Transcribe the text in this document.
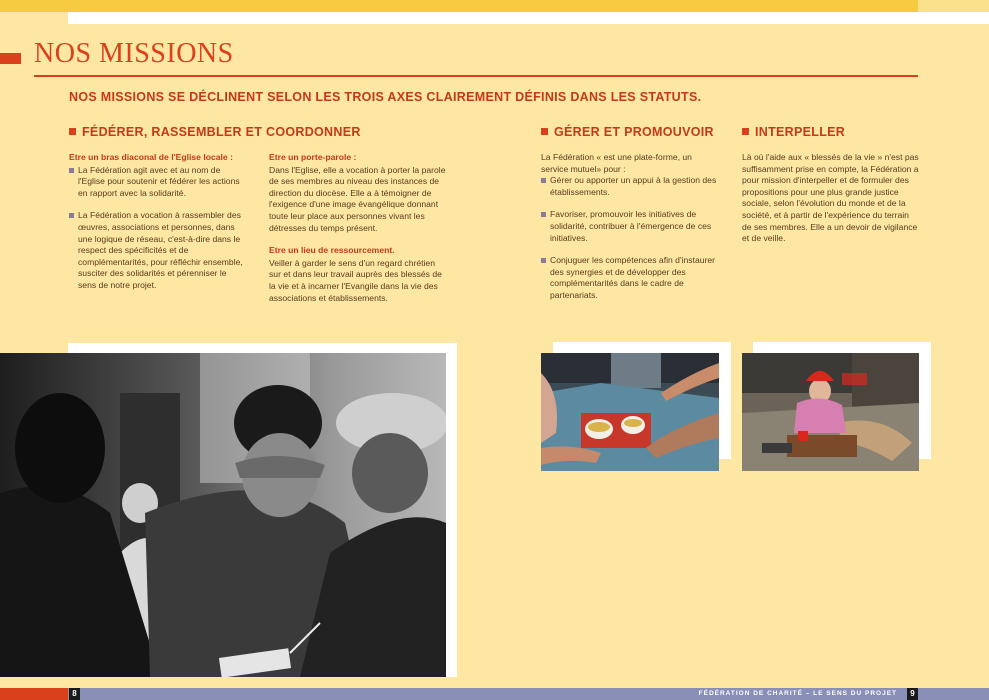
NOS MISSIONS
NOS MISSIONS SE DÉCLINENT SELON LES TROIS AXES CLAIREMENT DÉFINIS DANS LES STATUTS.
FÉDÉRER, RASSEMBLER ET COORDONNER	GÉRER ET PROMOUVOIR	INTERPELLER
Etre un bras diaconal de l'Eglise locale :
La Fédération agit avec et au nom de l'Eglise pour soutenir et fédérer les actions en rapport avec la solidarité.
La Fédération a vocation à rassembler des œuvres, associations et personnes, dans une logique de réseau, c'est-à-dire dans le respect des spécificités et de complémentarités, pour réfléchir ensemble, susciter des solidarités et pérenniser le sens de notre projet.
Etre un porte-parole :

Dans l'Eglise, elle a vocation à porter la parole de ses membres au niveau des instances de direction du diocèse. Elle a à témoigner de l'exigence d'une image évangélique donnant toute leur place aux personnes vivant les détresses du temps présent.

Etre un lieu de ressourcement.

Veiller à garder le sens d'un regard chrétien sur et dans leur travail auprès des blessés de la vie et à incarner l'Evangile dans la vie des associations et établissements.

La Fédération « est une plate-forme, un service mutuel» pour :

Gérer ou apporter un appui à la gestion des établissements.
Favoriser, promouvoir les initiatives de solidarité, contribuer à l'émergence de ces initiatives.
Conjuguer les compétences afin d'instaurer des synergies et de développer des complémentarités dans le cadre de partenariats.

Là où l'aide aux « blessés de la vie » n'est pas suffisamment prise en compte, la Fédération a pour mission d'interpeller et de formuler des propositions pour une plus grande justice sociale, selon l'évolution du monde et de la société, et à partir de l'expérience du terrain de ses membres. Elle a un devoir de vigilance et de veille.

8	FÉDÉRATION DE CHARITÉ – LE SENS DU PROJET	9
